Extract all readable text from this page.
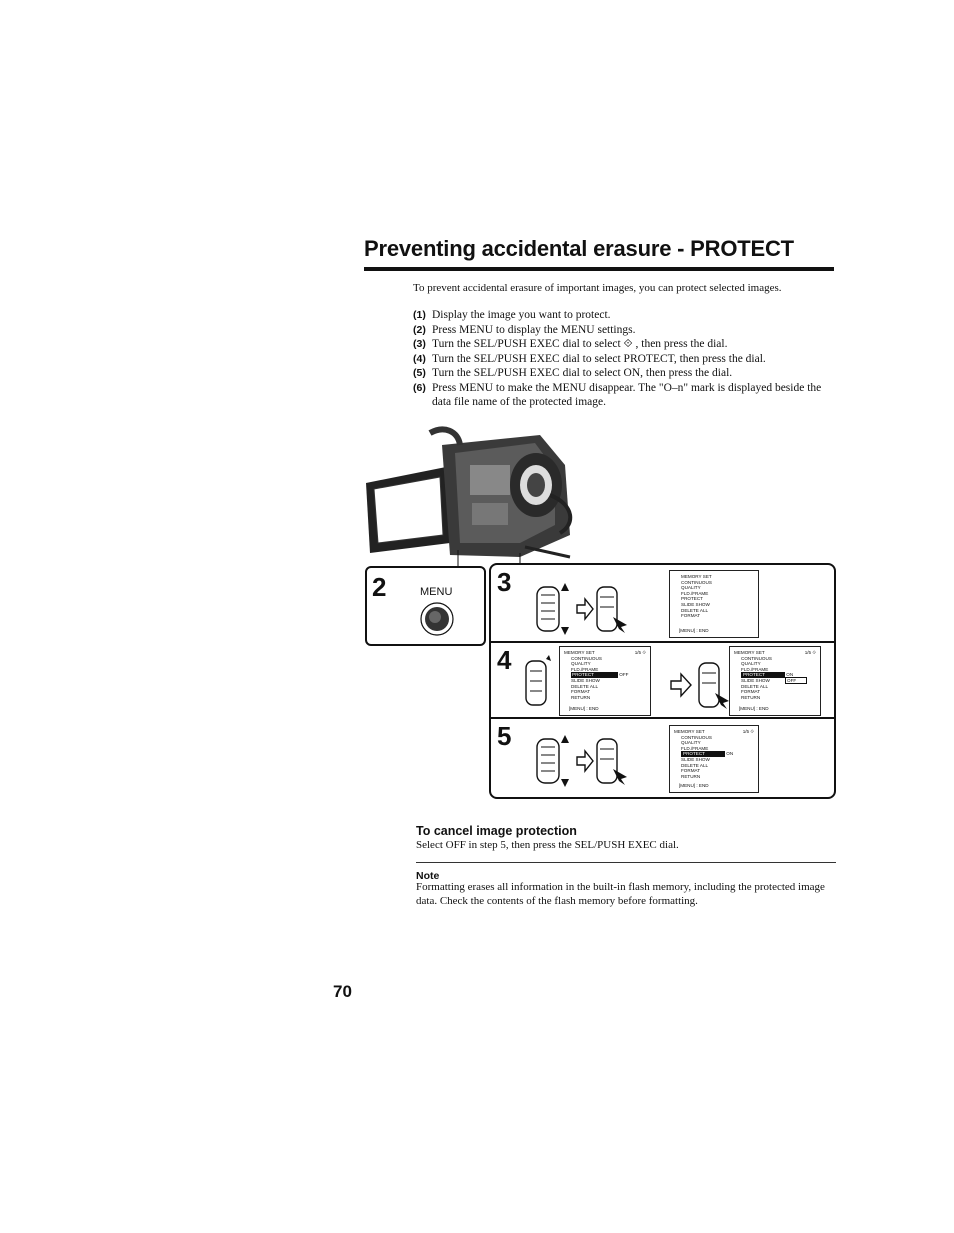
Preventing accidental erasure - PROTECT
To prevent accidental erasure of important images, you can protect selected images.
(1) Display the image you want to protect.
(2) Press MENU to display the MENU settings.
(3) Turn the SEL/PUSH EXEC dial to select ⟐ , then press the dial.
(4) Turn the SEL/PUSH EXEC dial to select PROTECT, then press the dial.
(5) Turn the SEL/PUSH EXEC dial to select ON, then press the dial.
(6) Press MENU to make the MENU disappear. The "O–n" mark is displayed beside the data file name of the protected image.
2	MENU 3
4
5
MEMORY SET
CONTINUOUS
QUALITY
FLD./FRAME
PROTECT
SLIDE SHOW
DELETE ALL
FORMAT
[MENU] : END
MEMORY SET	1/5 ⟐
CONTINUOUS
QUALITY
FLD./FRAME
PROTECT	OFF
SLIDE SHOW
DELETE ALL
FORMAT
RETURN
[MENU] : END
MEMORY SET	1/5 ⟐
CONTINUOUS
QUALITY
FLD./FRAME
PROTECT	ON
SLIDE SHOW	OFF
DELETE ALL
FORMAT
RETURN
[MENU] : END
MEMORY SET	1/5 ⟐
CONTINUOUS
QUALITY
FLD./FRAME
PROTECT	ON
SLIDE SHOW
DELETE ALL
FORMAT
RETURN
[MENU] : END
To cancel image protection
Select OFF in step 5, then press the SEL/PUSH EXEC dial.
Note
Formatting erases all information in the built-in flash memory, including the protected image data. Check the contents of the flash memory before formatting.
70
